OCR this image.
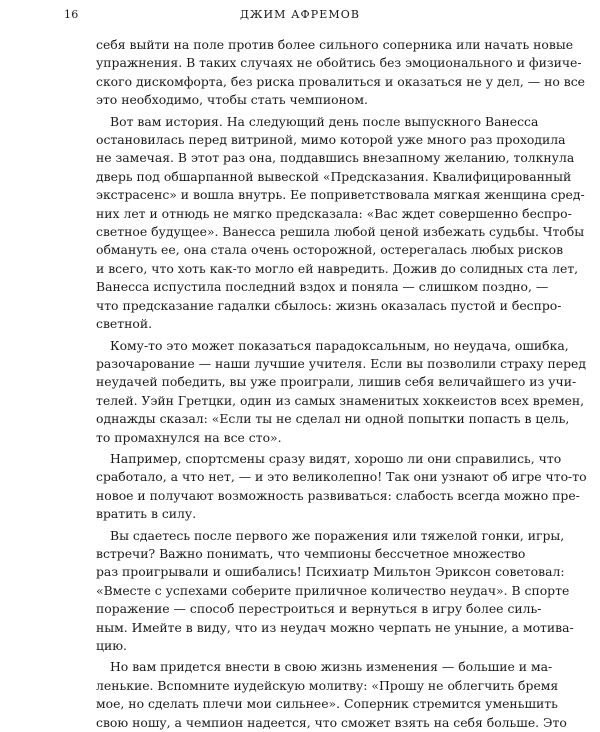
16	ДЖИМ АФРЕМОВ
себя выйти на поле против более сильного соперника или начать новые
упражнения. В таких случаях не обойтись без эмоционального и физиче-
ского дискомфорта, без риска провалиться и оказаться не у дел, — но все
это необходимо, чтобы стать чемпионом.
Вот вам история. На следующий день после выпускного Ванесса
остановилась перед витриной, мимо которой уже много раз проходила
не замечая. В этот раз она, поддавшись внезапному желанию, толкнула
дверь под обшарпанной вывеской «Предсказания. Квалифицированный
экстрасенс» и вошла внутрь. Ее поприветствовала мягкая женщина сред-
них лет и отнюдь не мягко предсказала: «Вас ждет совершенно беспро-
светное будущее». Ванесса решила любой ценой избежать судьбы. Чтобы
обмануть ее, она стала очень осторожной, остерегалась любых рисков
и всего, что хоть как-то могло ей навредить. Дожив до солидных ста лет,
Ванесса испустила последний вздох и поняла — слишком поздно, —
что предсказание гадалки сбылось: жизнь оказалась пустой и беспро-
светной.
Кому-то это может показаться парадоксальным, но неудача, ошибка,
разочарование — наши лучшие учителя. Если вы позволили страху перед
неудачей победить, вы уже проиграли, лишив себя величайшего из учи-
телей. Уэйн Гретцки, один из самых знаменитых хоккеистов всех времен,
однажды сказал: «Если ты не сделал ни одной попытки попасть в цель,
то промахнулся на все сто».
Например, спортсмены сразу видят, хорошо ли они справились, что
сработало, а что нет, — и это великолепно! Так они узнают об игре что-то
новое и получают возможность развиваться: слабость всегда можно пре-
вратить в силу.
Вы сдаетесь после первого же поражения или тяжелой гонки, игры,
встречи? Важно понимать, что чемпионы бессчетное множество
раз проигрывали и ошибались! Психиатр Мильтон Эриксон советовал:
«Вместе с успехами соберите приличное количество неудач». В спорте
поражение — способ перестроиться и вернуться в игру более силь-
ным. Имейте в виду, что из неудач можно черпать не уныние, а мотива-
цию.
Но вам придется внести в свою жизнь изменения — большие и ма-
ленькие. Вспомните иудейскую молитву: «Прошу не облегчить бремя
мое, но сделать плечи мои сильнее». Соперник стремится уменьшить
свою ношу, а чемпион надеется, что сможет взять на себя больше. Это
